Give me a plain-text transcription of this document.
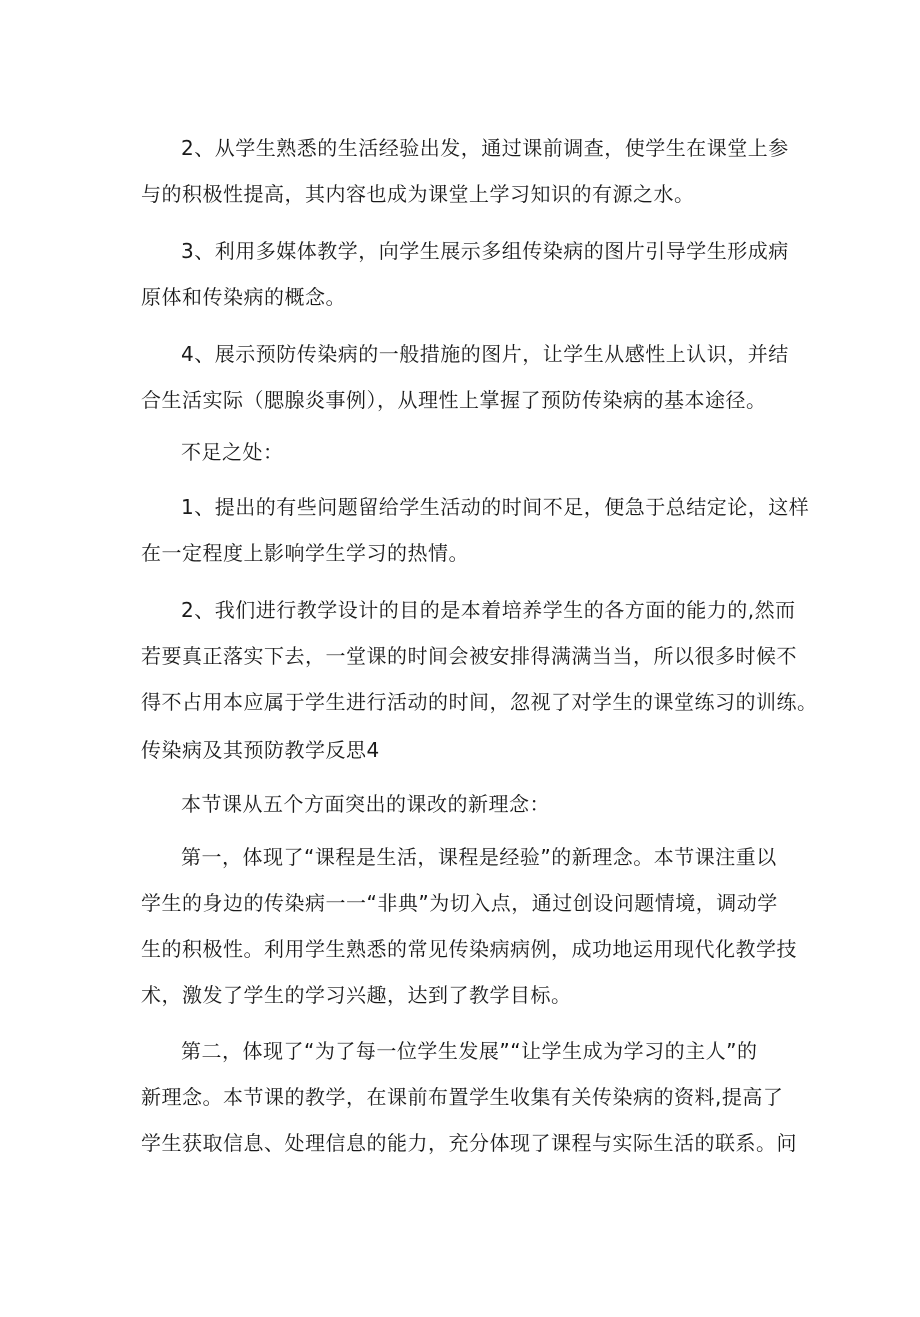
2、从学生熟悉的生活经验出发，通过课前调查，使学生在课堂上参
与的积极性提高，其内容也成为课堂上学习知识的有源之水。
3、利用多媒体教学，向学生展示多组传染病的图片引导学生形成病
原体和传染病的概念。
4、展示预防传染病的一般措施的图片，让学生从感性上认识，并结
合生活实际（腮腺炎事例），从理性上掌握了预防传染病的基本途径。
不足之处：
1、提出的有些问题留给学生活动的时间不足，便急于总结定论，这样
在一定程度上影响学生学习的热情。
2、我们进行教学设计的目的是本着培养学生的各方面的能力的,然而
若要真正落实下去，一堂课的时间会被安排得满满当当，所以很多时候不
得不占用本应属于学生进行活动的时间，忽视了对学生的课堂练习的训练。
传染病及其预防教学反思4
本节课从五个方面突出的课改的新理念：
第一，体现了“课程是生活，课程是经验”的新理念。本节课注重以
学生的身边的传染病一一“非典”为切入点，通过创设问题情境，调动学
生的积极性。利用学生熟悉的常见传染病病例，成功地运用现代化教学技
术，激发了学生的学习兴趣，达到了教学目标。
第二，体现了“为了每一位学生发展”“让学生成为学习的主人”的
新理念。本节课的教学，在课前布置学生收集有关传染病的资料,提高了
学生获取信息、处理信息的能力，充分体现了课程与实际生活的联系。问
